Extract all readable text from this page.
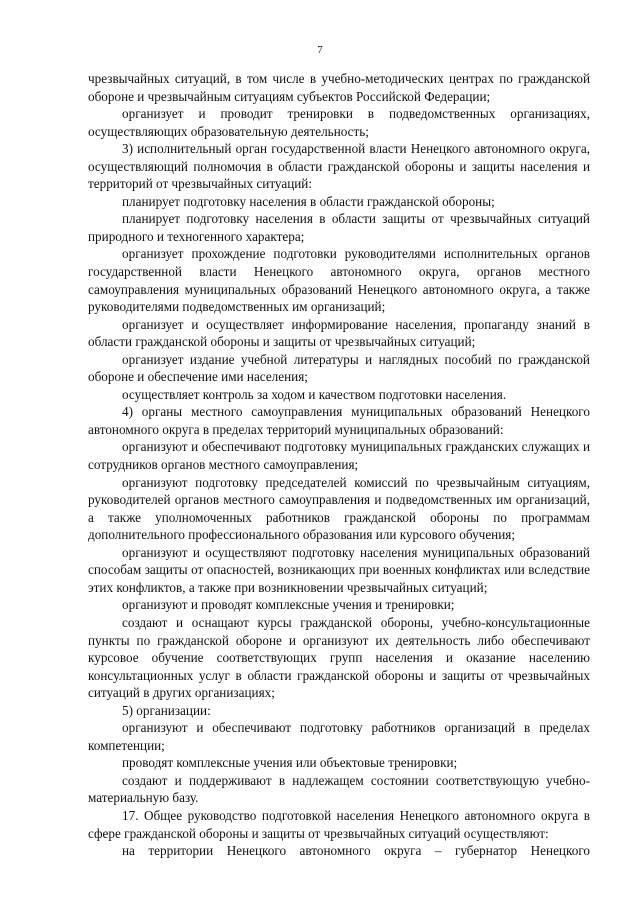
7

чрезвычайных ситуаций, в том числе в учебно-методических центрах по гражданской обороне и чрезвычайным ситуациям субъектов Российской Федерации;

организует и проводит тренировки в подведомственных организациях, осуществляющих образовательную деятельность;

3) исполнительный орган государственной власти Ненецкого автономного округа, осуществляющий полномочия в области гражданской обороны и защиты населения и территорий от чрезвычайных ситуаций:

планирует подготовку населения в области гражданской обороны;

планирует подготовку населения в области защиты от чрезвычайных ситуаций природного и техногенного характера;

организует прохождение подготовки руководителями исполнительных органов государственной власти Ненецкого автономного округа, органов местного самоуправления муниципальных образований Ненецкого автономного округа, а также руководителями подведомственных им организаций;

организует и осуществляет информирование населения, пропаганду знаний в области гражданской обороны и защиты от чрезвычайных ситуаций;

организует издание учебной литературы и наглядных пособий по гражданской обороне и обеспечение ими населения;

осуществляет контроль за ходом и качеством подготовки населения.

4) органы местного самоуправления муниципальных образований Ненецкого автономного округа в пределах территорий муниципальных образований:

организуют и обеспечивают подготовку муниципальных гражданских служащих и сотрудников органов местного самоуправления;

организуют подготовку председателей комиссий по чрезвычайным ситуациям, руководителей органов местного самоуправления и подведомственных им организаций, а также уполномоченных работников гражданской обороны по программам дополнительного профессионального образования или курсового обучения;

организуют и осуществляют подготовку населения муниципальных образований способам защиты от опасностей, возникающих при военных конфликтах или вследствие этих конфликтов, а также при возникновении чрезвычайных ситуаций;

организуют и проводят комплексные учения и тренировки;

создают и оснащают курсы гражданской обороны, учебно-консультационные пункты по гражданской обороне и организуют их деятельность либо обеспечивают курсовое обучение соответствующих групп населения и оказание населению консультационных услуг в области гражданской обороны и защиты от чрезвычайных ситуаций в других организациях;

5) организации:

организуют и обеспечивают подготовку работников организаций в пределах компетенции;

проводят комплексные учения или объектовые тренировки;

создают и поддерживают в надлежащем состоянии соответствующую учебно-материальную базу.

17. Общее руководство подготовкой населения Ненецкого автономного округа в сфере гражданской обороны и защиты от чрезвычайных ситуаций осуществляют:

на территории Ненецкого автономного округа – губернатор Ненецкого
